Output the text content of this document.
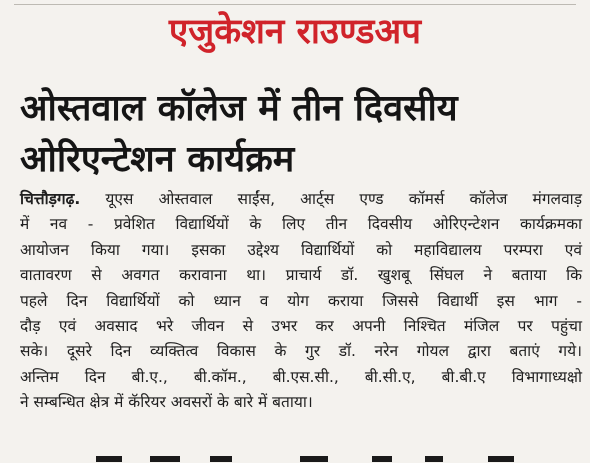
एजुकेशन राउण्डअप
ओस्तवाल कॉलेज में तीन दिवसीय
ओरिएन्टेशन कार्यक्रम
चित्तौड़गढ़. यूएस ओस्तवाल साईंस, आर्ट्स एण्ड कॉमर्स कॉलेज मंगलवाड़
में नव - प्रवेशित विद्यार्थियों के लिए तीन दिवसीय ओरिएन्टेशन कार्यक्रमका
आयोजन किया गया। इसका उद्देश्य विद्यार्थियों को महाविद्यालय परम्परा एवं
वातावरण से अवगत करावाना था। प्राचार्य डॉ. खुशबू सिंघल ने बताया कि
पहले दिन विद्यार्थियों को ध्यान व योग कराया जिससे विद्यार्थी इस भाग -
दौड़ एवं अवसाद भरे जीवन से उभर कर अपनी निश्चित मंजिल पर पहुंचा
सके। दूसरे दिन व्यक्तित्व विकास के गुर डॉ. नरेन गोयल द्वारा बताएं गये।
अन्तिम दिन बी.ए., बी.कॉम., बी.एस.सी., बी.सी.ए, बी.बी.ए विभागाध्यक्षो
ने सम्बन्धित क्षेत्र में कॅरियर अवसरों के बारे में बताया।
